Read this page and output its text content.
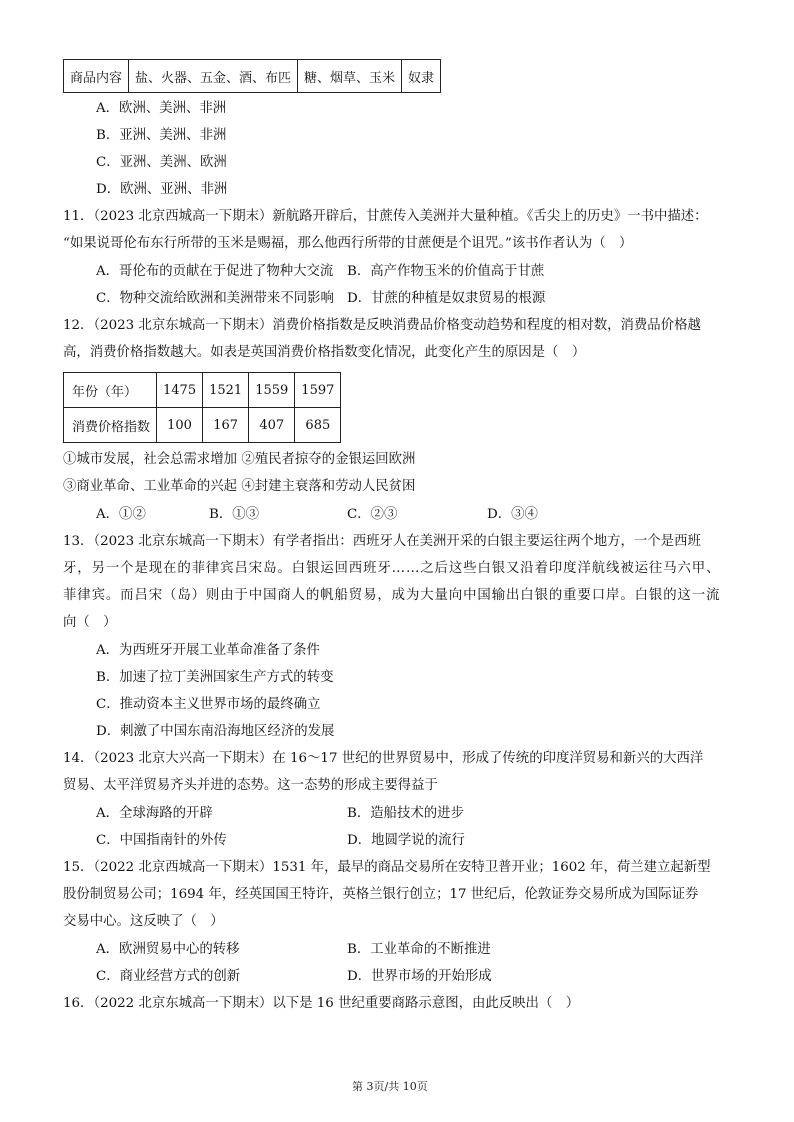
商品内容	盐、火器、五金、酒、布匹	糖、烟草、玉米	奴隶
A．欧洲、美洲、非洲
B．亚洲、美洲、非洲
C．亚洲、美洲、欧洲
D．欧洲、亚洲、非洲
11．（2023 北京西城高一下期末）新航路开辟后，甘蔗传入美洲并大量种植。《舌尖上的历史》一书中描述：
“如果说哥伦布东行所带的玉米是赐福，那么他西行所带的甘蔗便是个诅咒。”该书作者认为（　）
A．哥伦布的贡献在于促进了物种大交流 B．高产作物玉米的价值高于甘蔗
C．物种交流给欧洲和美洲带来不同影响 D．甘蔗的种植是奴隶贸易的根源
12．（2023 北京东城高一下期末）消费价格指数是反映消费品价格变动趋势和程度的相对数，消费品价格越
高，消费价格指数越大。如表是英国消费价格指数变化情况，此变化产生的原因是（　）
年份（年）	1475	1521	1559	1597
消费价格指数	100	167	407	685
①城市发展，社会总需求增加 ②殖民者掠夺的金银运回欧洲
③商业革命、工业革命的兴起 ④封建主衰落和劳动人民贫困
A．①②	B．①③	C．②③	D．③④
13．（2023 北京东城高一下期末）有学者指出：西班牙人在美洲开采的白银主要运往两个地方，一个是西班
牙，另一个是现在的菲律宾吕宋岛。白银运回西班牙……之后这些白银又沿着印度洋航线被运往马六甲、
菲律宾。而吕宋（岛）则由于中国商人的帆船贸易，成为大量向中国输出白银的重要口岸。白银的这一流
向（　）
A．为西班牙开展工业革命准备了条件
B．加速了拉丁美洲国家生产方式的转变
C．推动资本主义世界市场的最终确立
D．刺激了中国东南沿海地区经济的发展
14．（2023 北京大兴高一下期末）在 16～17 世纪的世界贸易中，形成了传统的印度洋贸易和新兴的大西洋
贸易、太平洋贸易齐头并进的态势。这一态势的形成主要得益于
A．全球海路的开辟	B．造船技术的进步
C．中国指南针的外传	D．地圆学说的流行
15．（2022 北京西城高一下期末）1531 年，最早的商品交易所在安特卫普开业；1602 年，荷兰建立起新型
股份制贸易公司；1694 年，经英国国王特许，英格兰银行创立；17 世纪后，伦敦证券交易所成为国际证券
交易中心。这反映了（　）
A．欧洲贸易中心的转移	B．工业革命的不断推进
C．商业经营方式的创新	D．世界市场的开始形成
16．（2022 北京东城高一下期末）以下是 16 世纪重要商路示意图，由此反映出（　）
第 3页/共 10页
